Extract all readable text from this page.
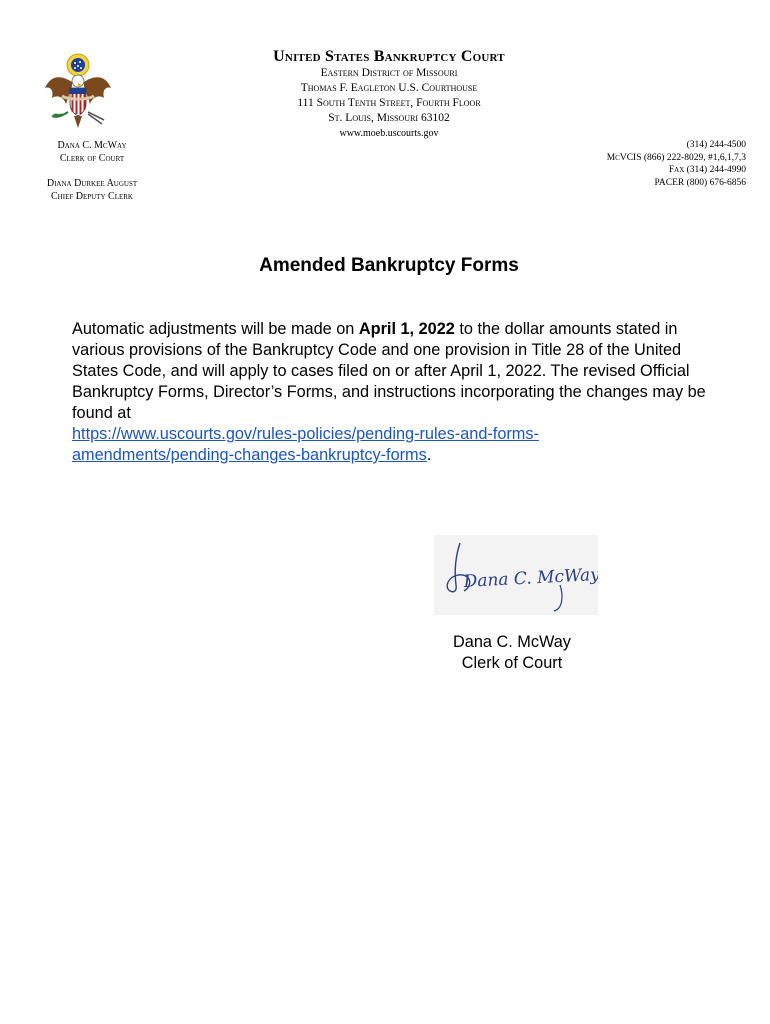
United States Bankruptcy Court
Eastern District of Missouri
Thomas F. Eagleton U.S. Courthouse
111 South Tenth Street, Fourth Floor
St. Louis, Missouri 63102
www.moeb.uscourts.gov
Dana C. McWay
Clerk of Court
Diana Durkee August
Chief Deputy Clerk
(314) 244-4500
McVCIS (866) 222-8029, #1,6,1,7,3
Fax (314) 244-4990
PACER (800) 676-6856
Amended Bankruptcy Forms
Automatic adjustments will be made on April 1, 2022 to the dollar amounts stated in various provisions of the Bankruptcy Code and one provision in Title 28 of the United States Code, and will apply to cases filed on or after April 1, 2022. The revised Official Bankruptcy Forms, Director’s Forms, and instructions incorporating the changes may be found at
https://www.uscourts.gov/rules-policies/pending-rules-and-forms-
amendments/pending-changes-bankruptcy-forms.
Dana C. McWay
Dana C. McWay
Clerk of Court
